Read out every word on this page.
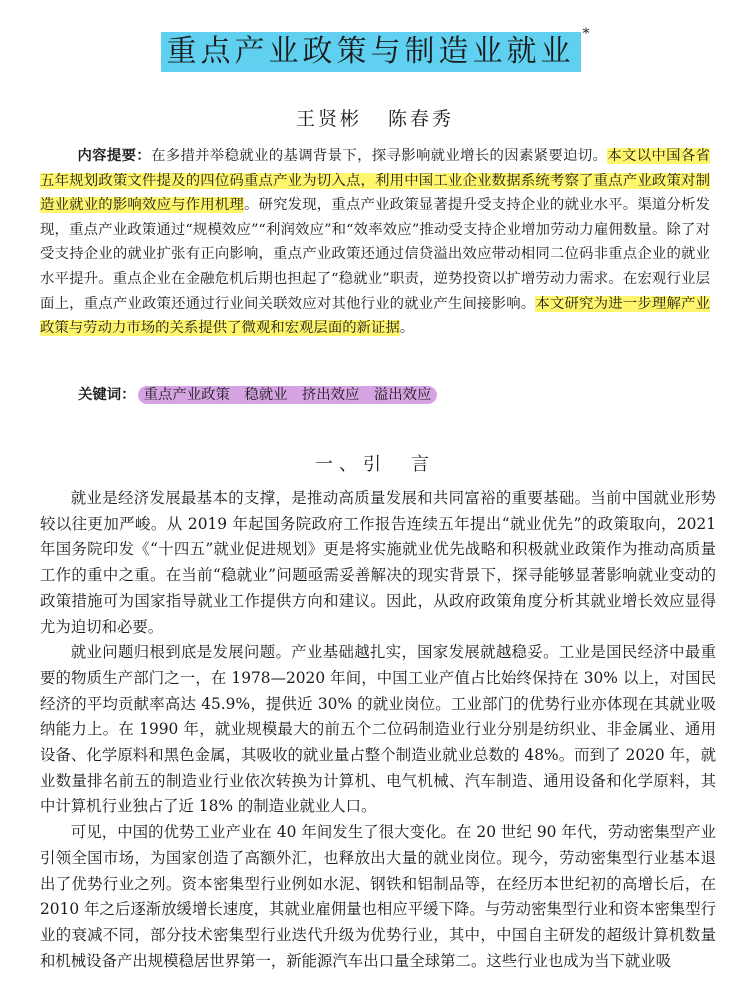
重点产业政策与制造业就业 *
王贤彬 陈春秀

内容提要：在多措并举稳就业的基调背景下，探寻影响就业增长的因素紧要迫切。本文以中国各省五年规划政策文件提及的四位码重点产业为切入点，利用中国工业企业数据系统考察了重点产业政策对制造业就业的影响效应与作用机理。研究发现，重点产业政策显著提升受支持企业的就业水平。渠道分析发现，重点产业政策通过“规模效应”“利润效应”和“效率效应”推动受支持企业增加劳动力雇佣数量。除了对受支持企业的就业扩张有正向影响，重点产业政策还通过信贷溢出效应带动相同二位码非重点企业的就业水平提升。重点企业在金融危机后期也担起了“稳就业”职责，逆势投资以扩增劳动力需求。在宏观行业层面上，重点产业政策还通过行业间关联效应对其他行业的就业产生间接影响。本文研究为进一步理解产业政策与劳动力市场的关系提供了微观和宏观层面的新证据。

关键词： 重点产业政策　稳就业　挤出效应　溢出效应
一、引　言

就业是经济发展最基本的支撑，是推动高质量发展和共同富裕的重要基础。当前中国就业形势较以往更加严峻。从 2019 年起国务院政府工作报告连续五年提出“就业优先”的政策取向，2021 年国务院印发《“十四五”就业促进规划》更是将实施就业优先战略和积极就业政策作为推动高质量工作的重中之重。在当前“稳就业”问题亟需妥善解决的现实背景下，探寻能够显著影响就业变动的政策措施可为国家指导就业工作提供方向和建议。因此，从政府政策角度分析其就业增长效应显得尤为迫切和必要。

就业问题归根到底是发展问题。产业基础越扎实，国家发展就越稳妥。工业是国民经济中最重要的物质生产部门之一，在 1978—2020 年间，中国工业产值占比始终保持在 30% 以上，对国民经济的平均贡献率高达 45.9%，提供近 30% 的就业岗位。工业部门的优势行业亦体现在其就业吸纳能力上。在 1990 年，就业规模最大的前五个二位码制造业行业分别是纺织业、非金属业、通用设备、化学原料和黑色金属，其吸收的就业量占整个制造业就业总数的 48%。而到了 2020 年，就业数量排名前五的制造业行业依次转换为计算机、电气机械、汽车制造、通用设备和化学原料，其中计算机行业独占了近 18% 的制造业就业人口。

可见，中国的优势工业产业在 40 年间发生了很大变化。在 20 世纪 90 年代，劳动密集型产业引领全国市场，为国家创造了高额外汇，也释放出大量的就业岗位。现今，劳动密集型行业基本退出了优势行业之列。资本密集型行业例如水泥、钢铁和铝制品等，在经历本世纪初的高增长后，在 2010 年之后逐渐放缓增长速度，其就业雇佣量也相应平缓下降。与劳动密集型行业和资本密集型行业的衰减不同，部分技术密集型行业迭代升级为优势行业，其中，中国自主研发的超级计算机数量和机械设备产出规模稳居世界第一，新能源汽车出口量全球第二。这些行业也成为当下就业吸
